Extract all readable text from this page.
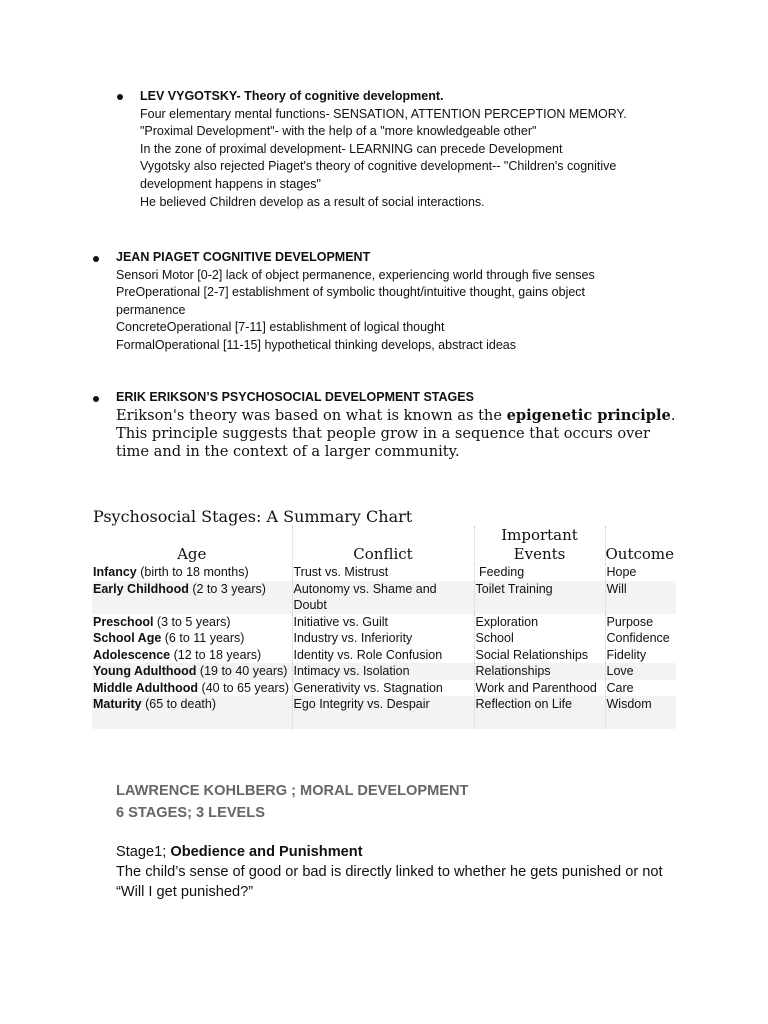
LEV VYGOTSKY- Theory of cognitive development.
Four elementary mental functions- SENSATION, ATTENTION PERCEPTION MEMORY.
"Proximal Development"- with the help of a "more knowledgeable other"
In the zone of proximal development- LEARNING can precede Development
Vygotsky also rejected Piaget's theory of cognitive development-- "Children's cognitive
development happens in stages"
He believed Children develop as a result of social interactions.
JEAN PIAGET COGNITIVE DEVELOPMENT
Sensori Motor [0-2] lack of object permanence, experiencing world through five senses
PreOperational [2-7] establishment of symbolic thought/intuitive thought, gains object
permanence
ConcreteOperational [7-11] establishment of logical thought
FormalOperational [11-15] hypothetical thinking develops, abstract ideas
ERIK ERIKSON’S PSYCHOSOCIAL DEVELOPMENT STAGES
Erikson's theory was based on what is known as the epigenetic principle. This principle suggests that people grow in a sequence that occurs over time and in the context of a larger community.
Psychosocial Stages: A Summary Chart
Age	Conflict	Important Events	Outcome
Infancy (birth to 18 months)	Trust vs. Mistrust	Feeding	Hope
Early Childhood (2 to 3 years)	Autonomy vs. Shame and Doubt	Toilet Training	Will
Preschool (3 to 5 years)	Initiative vs. Guilt	Exploration	Purpose
School Age (6 to 11 years)	Industry vs. Inferiority	School	Confidence
Adolescence (12 to 18 years)	Identity vs. Role Confusion	Social Relationships	Fidelity
Young Adulthood (19 to 40 years)	Intimacy vs. Isolation	Relationships	Love
Middle Adulthood (40 to 65 years)	Generativity vs. Stagnation	Work and Parenthood	Care
Maturity (65 to death)	Ego Integrity vs. Despair	Reflection on Life	Wisdom
LAWRENCE KOHLBERG ; MORAL DEVELOPMENT
6 STAGES; 3 LEVELS
Stage1; Obedience and Punishment
The child’s sense of good or bad is directly linked to whether he gets punished or not “Will I get punished?”
